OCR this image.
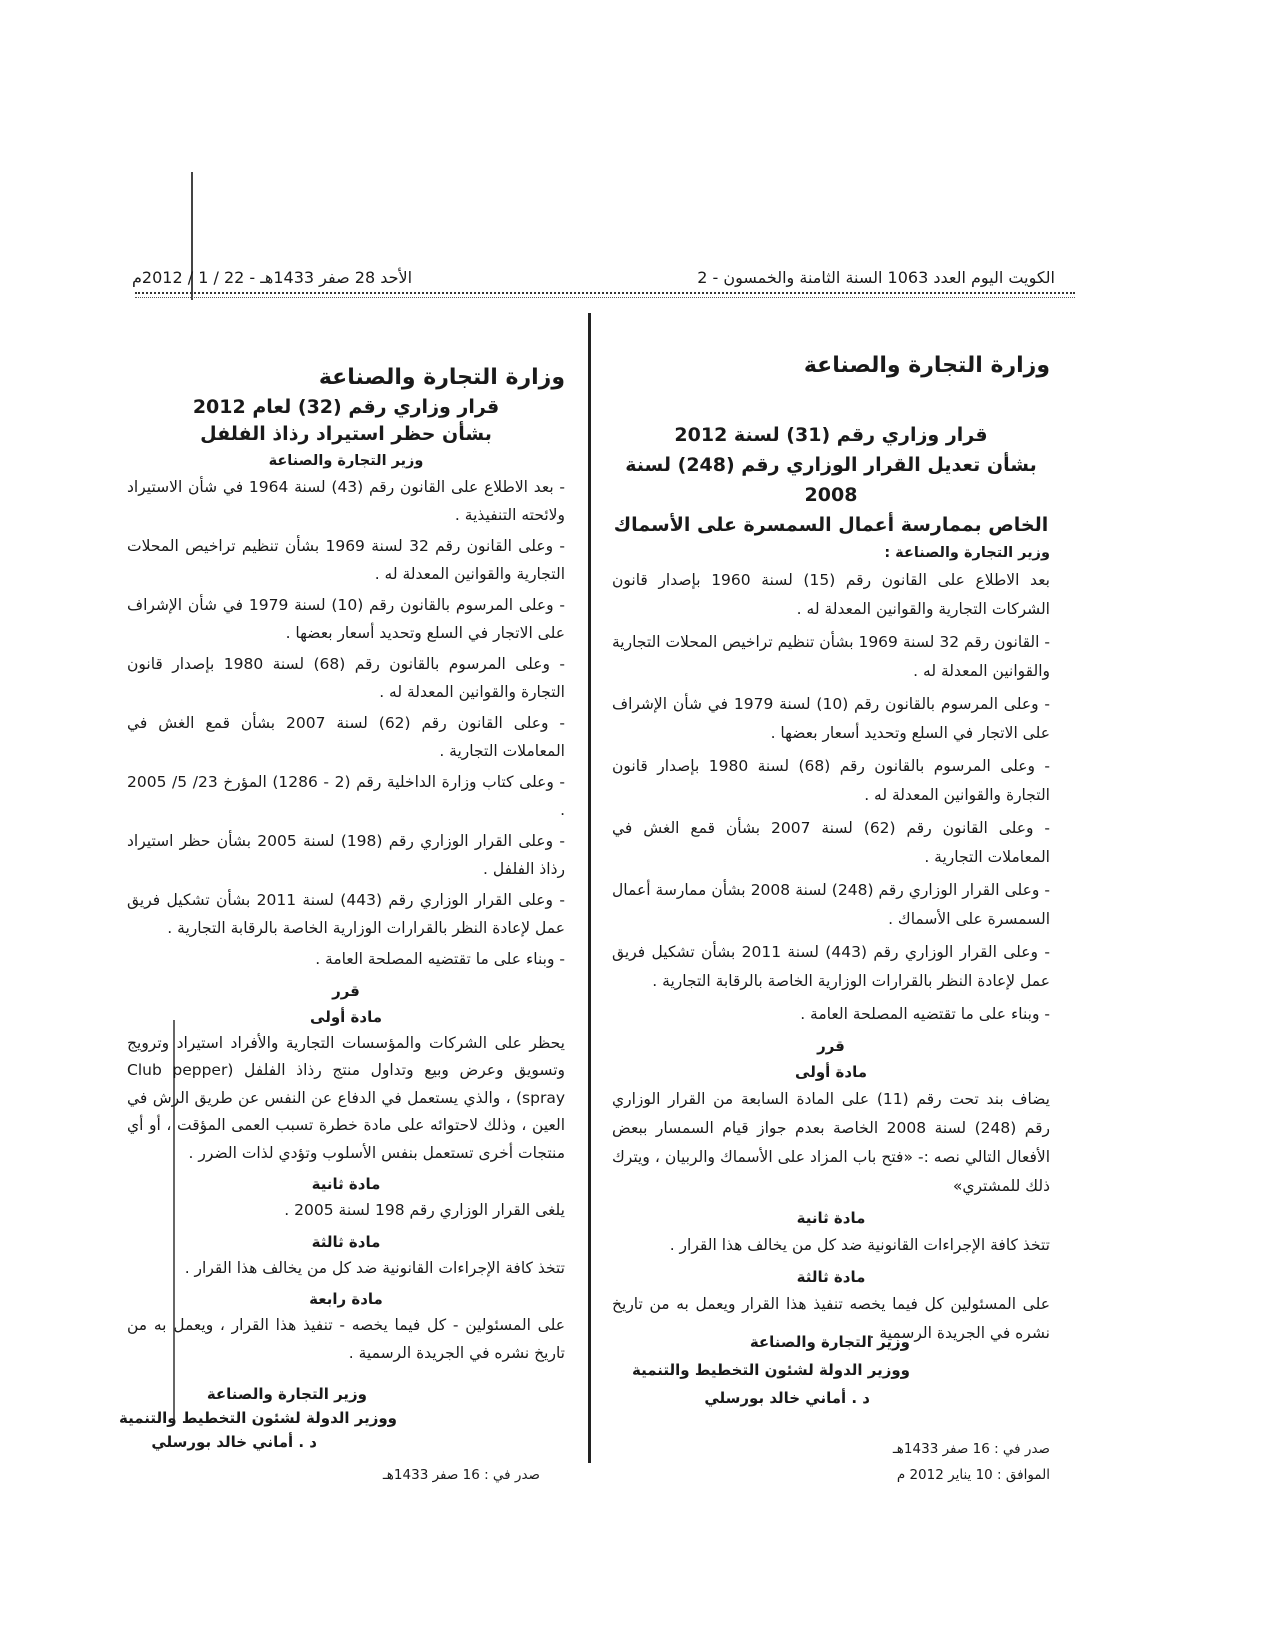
الكويت اليوم العدد 1063 السنة الثامنة والخمسون - 2
الأحد 28 صفر 1433هـ - 22 / 1 / 2012م
وزارة التجارة والصناعة
قرار وزاري رقم (31) لسنة 2012
بشأن تعديل القرار الوزاري رقم (248) لسنة 2008
الخاص بممارسة أعمال السمسرة على الأسماك
وزير التجارة والصناعة :

بعد الاطلاع على القانون رقم (15) لسنة 1960 بإصدار قانون الشركات التجارية والقوانين المعدلة له .

- القانون رقم 32 لسنة 1969 بشأن تنظيم تراخيص المحلات التجارية والقوانين المعدلة له .

- وعلى المرسوم بالقانون رقم (10) لسنة 1979 في شأن الإشراف على الاتجار في السلع وتحديد أسعار بعضها .

- وعلى المرسوم بالقانون رقم (68) لسنة 1980 بإصدار قانون التجارة والقوانين المعدلة له .

- وعلى القانون رقم (62) لسنة 2007 بشأن قمع الغش في المعاملات التجارية .

- وعلى القرار الوزاري رقم (248) لسنة 2008 بشأن ممارسة أعمال السمسرة على الأسماك .

- وعلى القرار الوزاري رقم (443) لسنة 2011 بشأن تشكيل فريق عمل لإعادة النظر بالقرارات الوزارية الخاصة بالرقابة التجارية .

- وبناء على ما تقتضيه المصلحة العامة .

قرر
مادة أولى

يضاف بند تحت رقم (11) على المادة السابعة من القرار الوزاري رقم (248) لسنة 2008 الخاصة بعدم جواز قيام السمسار ببعض الأفعال التالي نصه :- «فتح باب المزاد على الأسماك والربيان ، ويترك ذلك للمشتري»

مادة ثانية

تتخذ كافة الإجراءات القانونية ضد كل من يخالف هذا القرار .

مادة ثالثة

على المسئولين كل فيما يخصه تنفيذ هذا القرار ويعمل به من تاريخ نشره في الجريدة الرسمية .

وزير التجارة والصناعة
ووزير الدولة لشئون التخطيط والتنمية
د . أماني خالد بورسلي
صدر في : 16 صفر 1433هـ
الموافق : 10 يناير 2012 م
وزارة التجارة والصناعة
قرار وزاري رقم (32) لعام 2012
بشأن حظر استيراد رذاذ الفلفل
وزير التجارة والصناعة

- بعد الاطلاع على القانون رقم (43) لسنة 1964 في شأن الاستيراد ولائحته التنفيذية .

- وعلى القانون رقم 32 لسنة 1969 بشأن تنظيم تراخيص المحلات التجارية والقوانين المعدلة له .

- وعلى المرسوم بالقانون رقم (10) لسنة 1979 في شأن الإشراف على الاتجار في السلع وتحديد أسعار بعضها .

- وعلى المرسوم بالقانون رقم (68) لسنة 1980 بإصدار قانون التجارة والقوانين المعدلة له .

- وعلى القانون رقم (62) لسنة 2007 بشأن قمع الغش في المعاملات التجارية .

- وعلى كتاب وزارة الداخلية رقم (2 - 1286) المؤرخ 23/ 5/ 2005 .

- وعلى القرار الوزاري رقم (198) لسنة 2005 بشأن حظر استيراد رذاذ الفلفل .

- وعلى القرار الوزاري رقم (443) لسنة 2011 بشأن تشكيل فريق عمل لإعادة النظر بالقرارات الوزارية الخاصة بالرقابة التجارية .

- وبناء على ما تقتضيه المصلحة العامة .

قرر
مادة أولى

يحظر على الشركات والمؤسسات التجارية والأفراد استيراد وترويج وتسويق وعرض وبيع وتداول منتج رذاذ الفلفل (Club pepper spray) ، والذي يستعمل في الدفاع عن النفس عن طريق الرش في العين ، وذلك لاحتوائه على مادة خطرة تسبب العمى المؤقت ، أو أي منتجات أخرى تستعمل بنفس الأسلوب وتؤدي لذات الضرر .

مادة ثانية

يلغى القرار الوزاري رقم 198 لسنة 2005 .

مادة ثالثة

تتخذ كافة الإجراءات القانونية ضد كل من يخالف هذا القرار .

مادة رابعة

على المسئولين - كل فيما يخصه - تنفيذ هذا القرار ، ويعمل به من تاريخ نشره في الجريدة الرسمية .

وزير التجارة والصناعة
ووزير الدولة لشئون التخطيط والتنمية
د . أماني خالد بورسلي
صدر في : 16 صفر 1433هـ
